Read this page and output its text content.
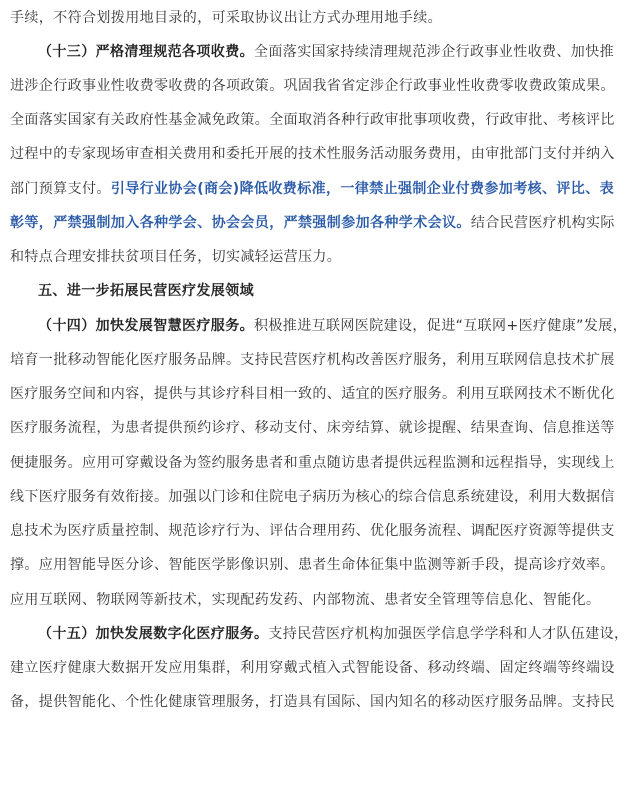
手续，不符合划拨用地目录的，可采取协议出让方式办理用地手续。
（十三）严格清理规范各项收费。全面落实国家持续清理规范涉企行政事业性收费、加快推
进涉企行政事业性收费零收费的各项政策。巩固我省省定涉企行政事业性收费零收费政策成果。
全面落实国家有关政府性基金减免政策。全面取消各种行政审批事项收费，行政审批、考核评比
过程中的专家现场审查相关费用和委托开展的技术性服务活动服务费用，由审批部门支付并纳入
部门预算支付。引导行业协会(商会)降低收费标准，一律禁止强制企业付费参加考核、评比、表
彰等，严禁强制加入各种学会、协会会员，严禁强制参加各种学术会议。结合民营医疗机构实际
和特点合理安排扶贫项目任务，切实减轻运营压力。
五、进一步拓展民营医疗发展领域
（十四）加快发展智慧医疗服务。积极推进互联网医院建设，促进“互联网+医疗健康”发展，
培育一批移动智能化医疗服务品牌。支持民营医疗机构改善医疗服务，利用互联网信息技术扩展
医疗服务空间和内容，提供与其诊疗科目相一致的、适宜的医疗服务。利用互联网技术不断优化
医疗服务流程，为患者提供预约诊疗、移动支付、床旁结算、就诊提醒、结果查询、信息推送等
便捷服务。应用可穿戴设备为签约服务患者和重点随访患者提供远程监测和远程指导，实现线上
线下医疗服务有效衔接。加强以门诊和住院电子病历为核心的综合信息系统建设，利用大数据信
息技术为医疗质量控制、规范诊疗行为、评估合理用药、优化服务流程、调配医疗资源等提供支
撑。应用智能导医分诊、智能医学影像识别、患者生命体征集中监测等新手段，提高诊疗效率。
应用互联网、物联网等新技术，实现配药发药、内部物流、患者安全管理等信息化、智能化。
（十五）加快发展数字化医疗服务。支持民营医疗机构加强医学信息学学科和人才队伍建设，
建立医疗健康大数据开发应用集群，利用穿戴式植入式智能设备、移动终端、固定终端等终端设
备，提供智能化、个性化健康管理服务，打造具有国际、国内知名的移动医疗服务品牌。支持民
